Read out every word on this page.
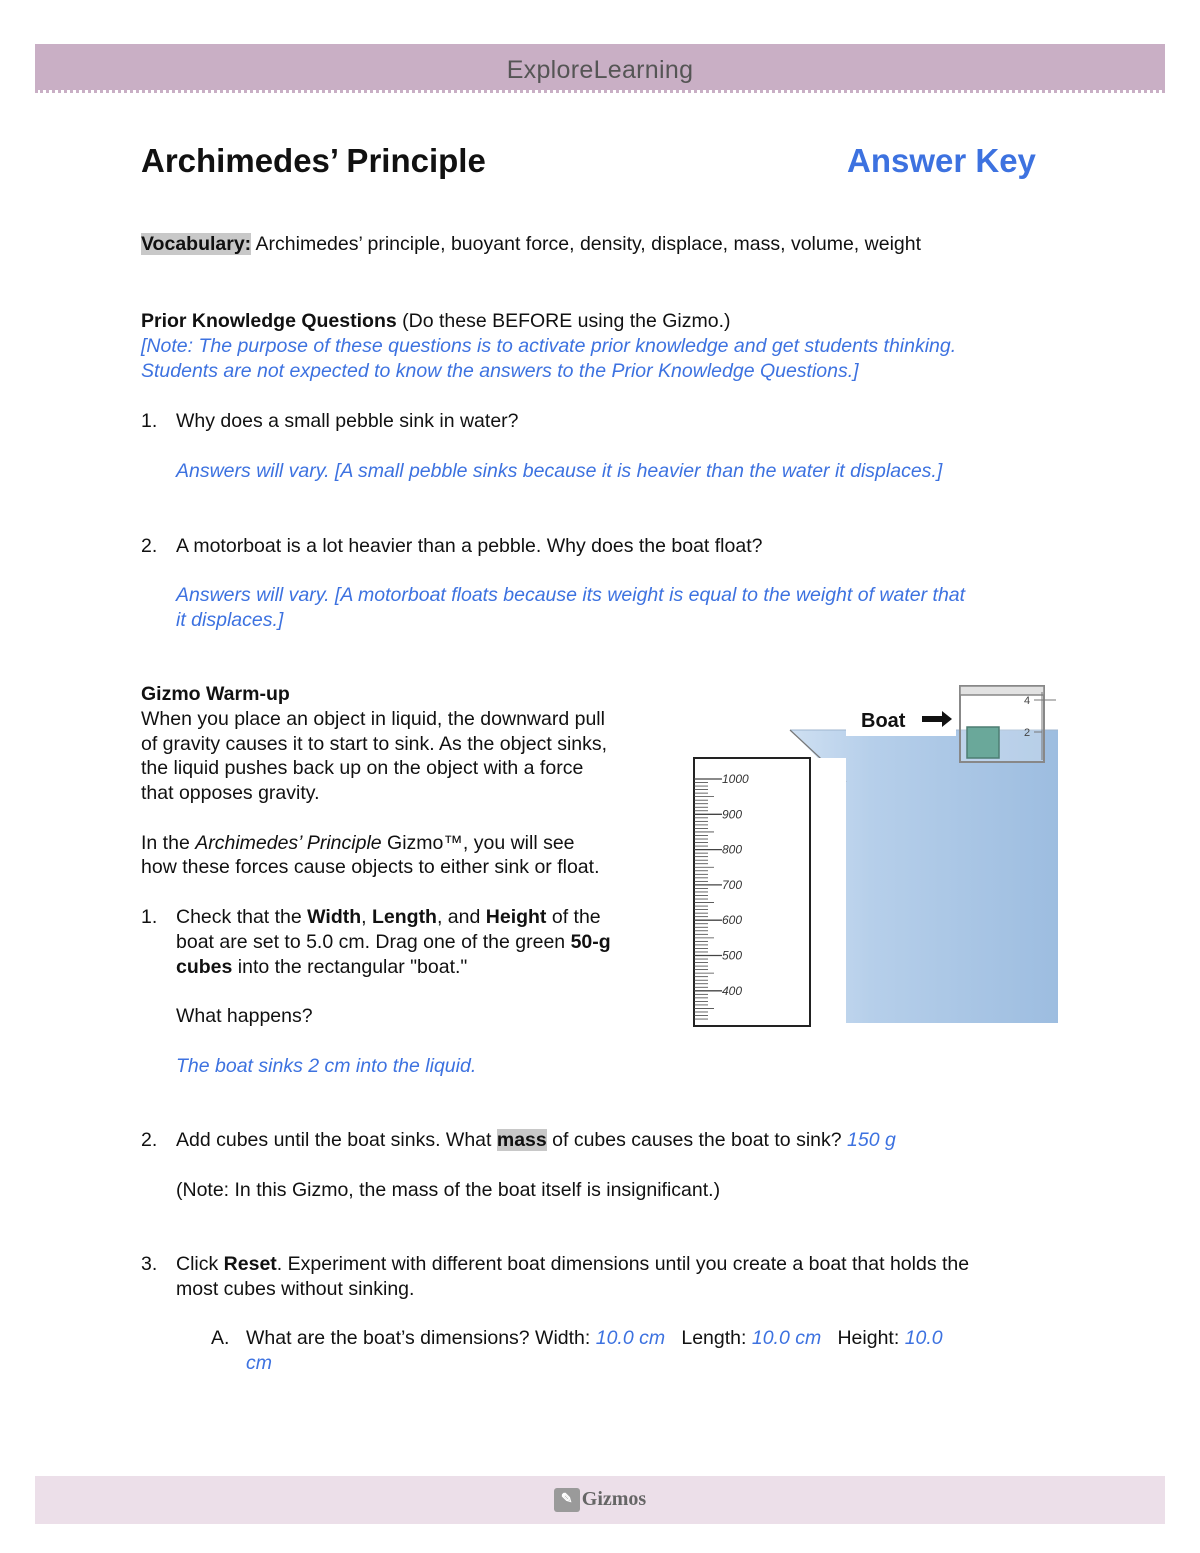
ExploreLearning
Archimedes’ Principle	Answer Key
Vocabulary: Archimedes’ principle, buoyant force, density, displace, mass, volume, weight
Prior Knowledge Questions (Do these BEFORE using the Gizmo.)
[Note: The purpose of these questions is to activate prior knowledge and get students thinking.
Students are not expected to know the answers to the Prior Knowledge Questions.]
1. Why does a small pebble sink in water?
Answers will vary. [A small pebble sinks because it is heavier than the water it displaces.]
2. A motorboat is a lot heavier than a pebble. Why does the boat float?
Answers will vary. [A motorboat floats because its weight is equal to the weight of water that
it displaces.]
Gizmo Warm-up
When you place an object in liquid, the downward pull
of gravity causes it to start to sink. As the object sinks,
the liquid pushes back up on the object with a force
that opposes gravity.
In the Archimedes’ Principle Gizmo™, you will see
how these forces cause objects to either sink or float.
1. Check that the Width, Length, and Height of the
boat are set to 5.0 cm. Drag one of the green 50-g
cubes into the rectangular "boat."
What happens?
The boat sinks 2 cm into the liquid.
2. Add cubes until the boat sinks. What mass of cubes causes the boat to sink? 150 g
(Note: In this Gizmo, the mass of the boat itself is insignificant.)
3. Click Reset. Experiment with different boat dimensions until you create a boat that holds the
most cubes without sinking.
A. What are the boat’s dimensions? Width: 10.0 cm   Length: 10.0 cm   Height: 10.0
cm
1000
900
800
700
600
500
400
4
2
Boat
✎ Gizmos
